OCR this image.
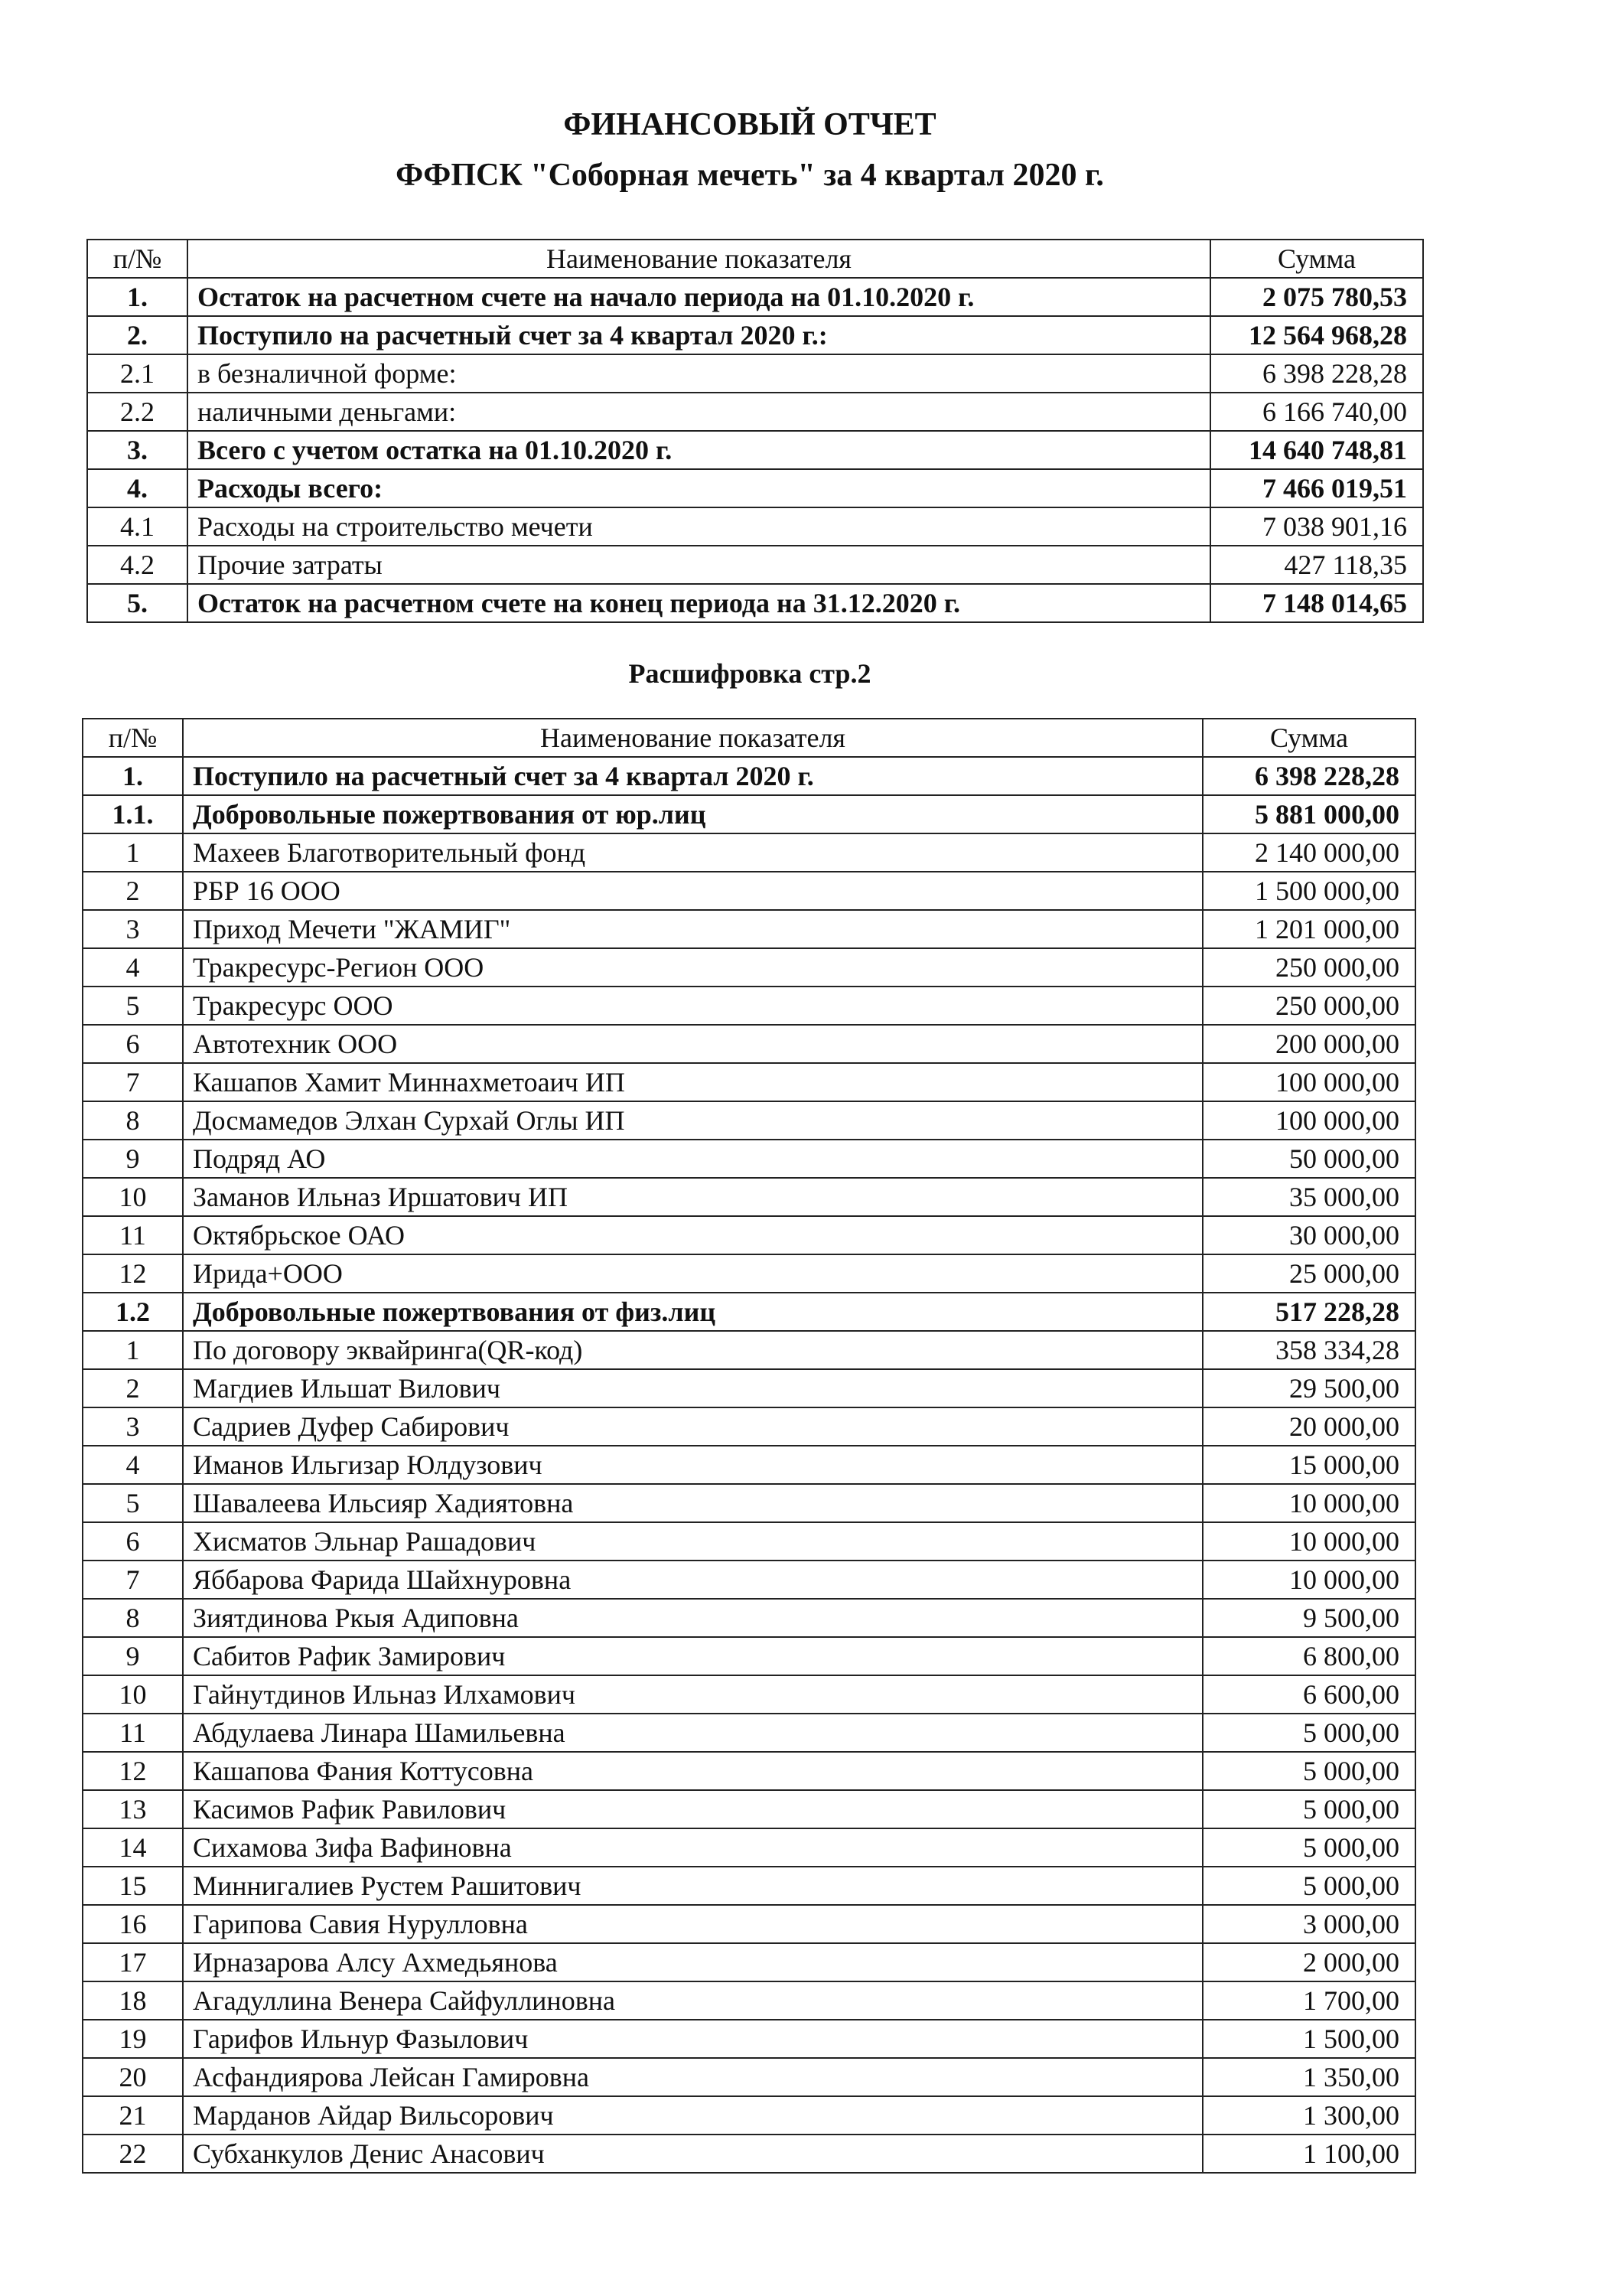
ФИНАНСОВЫЙ ОТЧЕТ
ФФПСК "Соборная мечеть" за 4 квартал 2020 г.
п/№	Наименование показателя	Сумма
1.	Остаток на расчетном счете на начало периода на 01.10.2020 г.	2 075 780,53
2.	Поступило на расчетный счет за 4 квартал 2020 г.:	12 564 968,28
2.1	в безналичной форме:	6 398 228,28
2.2	наличными деньгами:	6 166 740,00
3.	Всего с учетом остатка на 01.10.2020 г.	14 640 748,81
4.	Расходы всего:	7 466 019,51
4.1	Расходы на строительство мечети	7 038 901,16
4.2	Прочие затраты	427 118,35
5.	Остаток на расчетном счете на конец периода на 31.12.2020 г.	7 148 014,65
Расшифровка стр.2
п/№	Наименование показателя	Сумма
1.	Поступило на расчетный счет за 4 квартал 2020 г.	6 398 228,28
1.1.	Добровольные пожертвования от юр.лиц	5 881 000,00
1	Махеев Благотворительный фонд	2 140 000,00
2	РБР 16 ООО	1 500 000,00
3	Приход Мечети "ЖАМИГ"	1 201 000,00
4	Тракресурс-Регион ООО	250 000,00
5	Тракресурс ООО	250 000,00
6	Автотехник ООО	200 000,00
7	Кашапов Хамит Миннахметоаич ИП	100 000,00
8	Досмамедов Элхан Сурхай Оглы ИП	100 000,00
9	Подряд АО	50 000,00
10	Заманов Ильназ Иршатович ИП	35 000,00
11	Октябрьское ОАО	30 000,00
12	Ирида+ООО	25 000,00
1.2	Добровольные пожертвования от физ.лиц	517 228,28
1	По договору эквайринга(QR-код)	358 334,28
2	Магдиев Ильшат Вилович	29 500,00
3	Садриев Дуфер Сабирович	20 000,00
4	Иманов Ильгизар Юлдузович	15 000,00
5	Шавалеева Ильсияр Хадиятовна	10 000,00
6	Хисматов Эльнар Рашадович	10 000,00
7	Яббарова Фарида Шайхнуровна	10 000,00
8	Зиятдинова Ркыя Адиповна	9 500,00
9	Сабитов Рафик Замирович	6 800,00
10	Гайнутдинов Ильназ Илхамович	6 600,00
11	Абдулаева Линара Шамильевна	5 000,00
12	Кашапова Фания Коттусовна	5 000,00
13	Касимов Рафик Равилович	5 000,00
14	Сихамова Зифа Вафиновна	5 000,00
15	Миннигалиев Рустем Рашитович	5 000,00
16	Гарипова Савия Нурулловна	3 000,00
17	Ирназарова Алсу Ахмедьянова	2 000,00
18	Агадуллина Венера Сайфуллиновна	1 700,00
19	Гарифов Ильнур Фазылович	1 500,00
20	Асфандиярова Лейсан Гамировна	1 350,00
21	Марданов Айдар Вильсорович	1 300,00
22	Субханкулов Денис Анасович	1 100,00
